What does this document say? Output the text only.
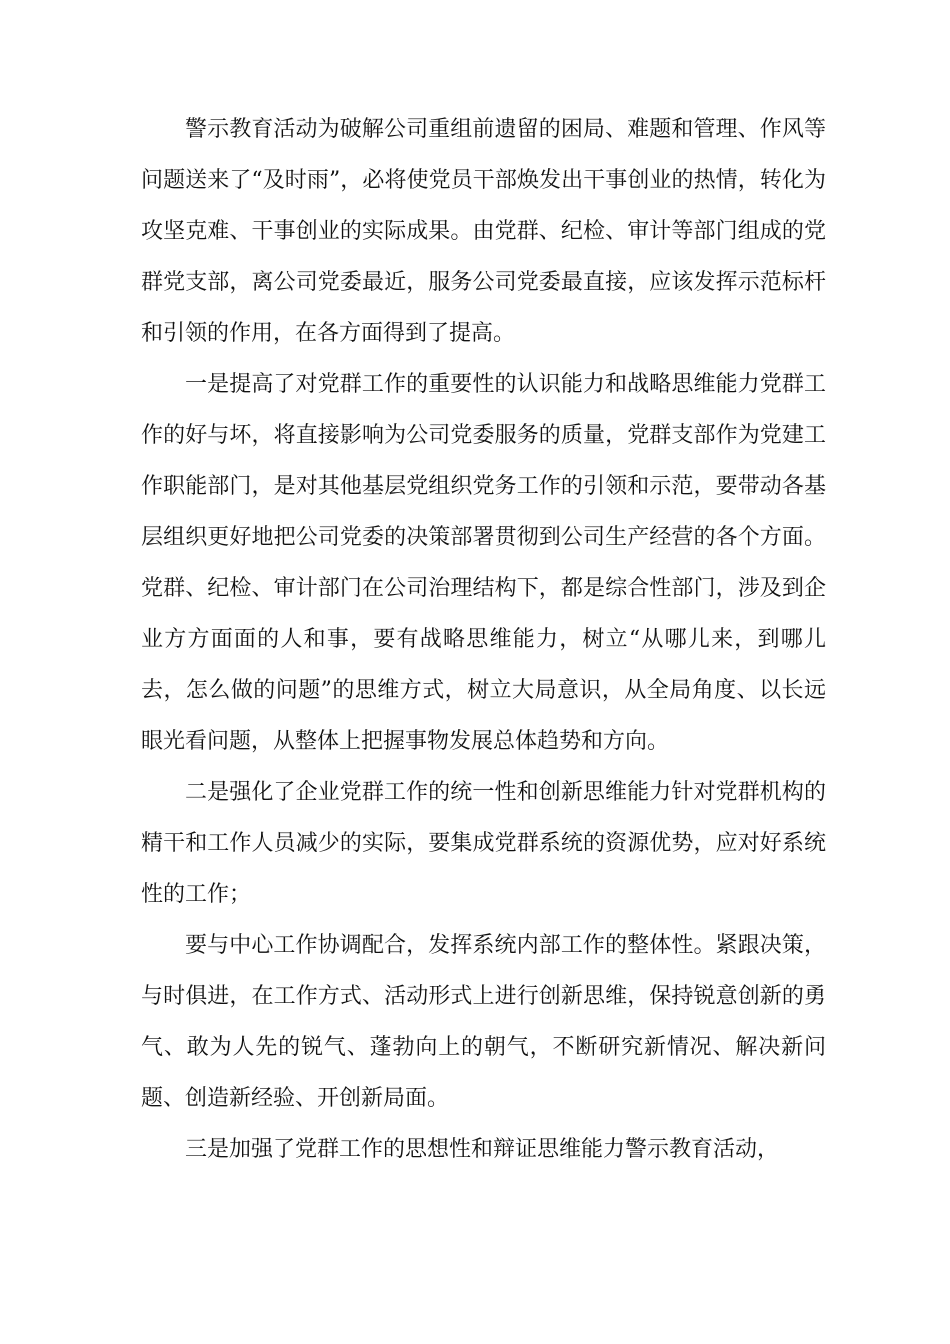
警示教育活动为破解公司重组前遗留的困局、难题和管理、作风等问题送来了“及时雨”，必将使党员干部焕发出干事创业的热情，转化为攻坚克难、干事创业的实际成果。由党群、纪检、审计等部门组成的党群党支部，离公司党委最近，服务公司党委最直接，应该发挥示范标杆和引领的作用，在各方面得到了提高。

一是提高了对党群工作的重要性的认识能力和战略思维能力党群工作的好与坏，将直接影响为公司党委服务的质量，党群支部作为党建工作职能部门，是对其他基层党组织党务工作的引领和示范，要带动各基层组织更好地把公司党委的决策部署贯彻到公司生产经营的各个方面。党群、纪检、审计部门在公司治理结构下，都是综合性部门，涉及到企业方方面面的人和事，要有战略思维能力，树立“从哪儿来，到哪儿去，怎么做的问题”的思维方式，树立大局意识，从全局角度、以长远眼光看问题，从整体上把握事物发展总体趋势和方向。

二是强化了企业党群工作的统一性和创新思维能力针对党群机构的精干和工作人员减少的实际，要集成党群系统的资源优势，应对好系统性的工作；

要与中心工作协调配合，发挥系统内部工作的整体性。紧跟决策，与时俱进，在工作方式、活动形式上进行创新思维，保持锐意创新的勇气、敢为人先的锐气、蓬勃向上的朝气，不断研究新情况、解决新问题、创造新经验、开创新局面。

三是加强了党群工作的思想性和辩证思维能力警示教育活动，
